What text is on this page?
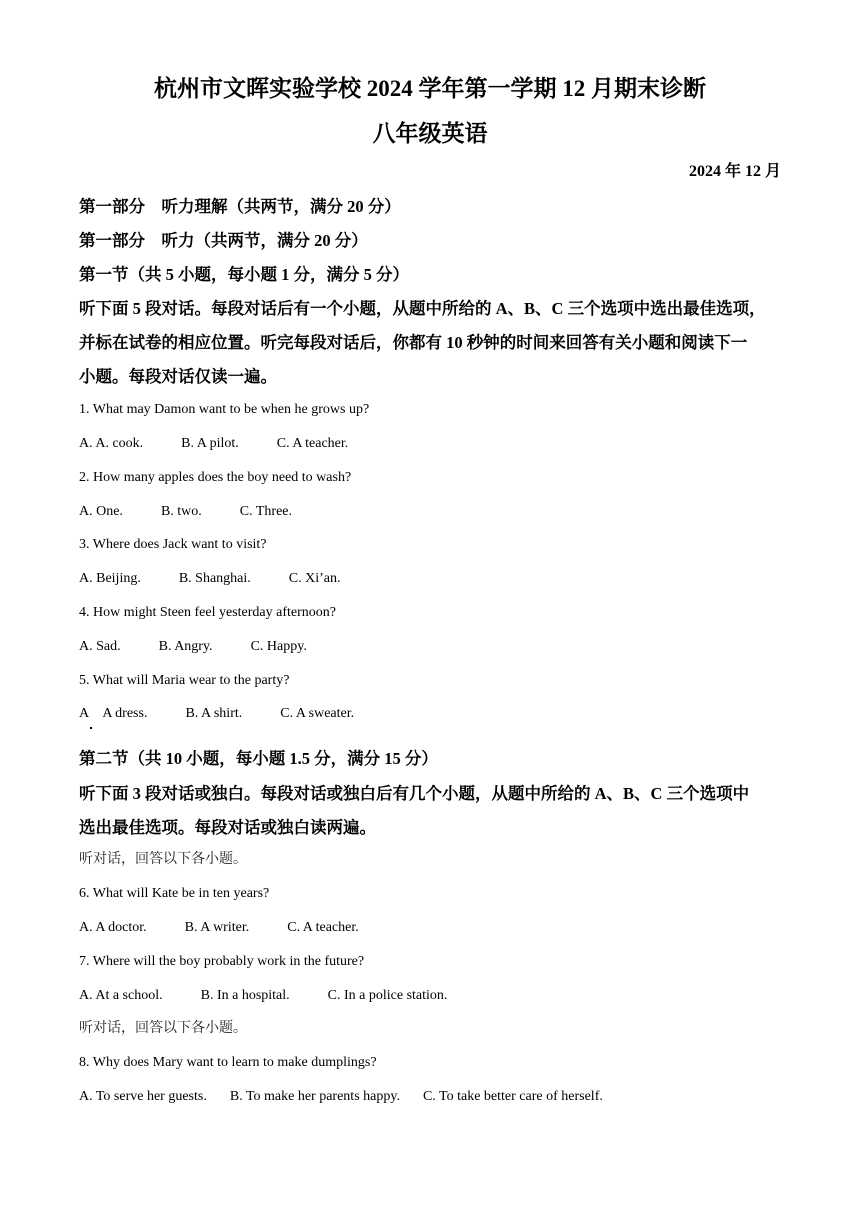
杭州市文晖实验学校 2024 学年第一学期 12 月期末诊断
八年级英语
2024 年 12 月
第一部分　听力理解（共两节，满分 20 分）
第一部分　听力（共两节，满分 20 分）
第一节（共 5 小题，每小题 1 分，满分 5 分）
听下面 5 段对话。每段对话后有一个小题，从题中所给的 A、B、C 三个选项中选出最佳选项，
并标在试卷的相应位置。听完每段对话后，你都有 10 秒钟的时间来回答有关小题和阅读下一
小题。每段对话仅读一遍。
1. What may Damon want to be when he grows up?
A. A. cook.	B. A pilot.	C. A teacher.
2. How many apples does the boy need to wash?
A. One.	B. two.	C. Three.
3. Where does Jack want to visit?
A. Beijing.	B. Shanghai.	C. Xi’an.
4. How might Steen feel yesterday afternoon?
A. Sad.	B. Angry.	C. Happy.
5. What will Maria wear to the party?
A　A dress.	B. A shirt.	C. A sweater.
第二节（共 10 小题，每小题 1.5 分，满分 15 分）
听下面 3 段对话或独白。每段对话或独白后有几个小题，从题中所给的 A、B、C 三个选项中
选出最佳选项。每段对话或独白读两遍。
听对话，回答以下各小题。
6. What will Kate be in ten years?
A. A doctor.	B. A writer.	C. A teacher.
7. Where will the boy probably work in the future?
A. At a school.	B. In a hospital.	C. In a police station.
听对话，回答以下各小题。
8. Why does Mary want to learn to make dumplings?
A. To serve her guests. B. To make her parents happy. C. To take better care of herself.
